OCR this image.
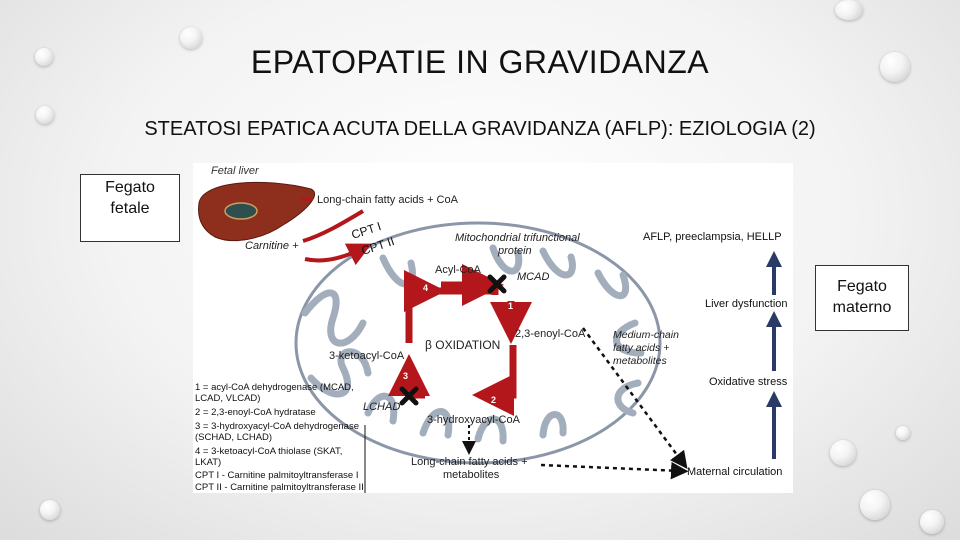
EPATOPATIE IN GRAVIDANZA
STEATOSI EPATICA ACUTA DELLA GRAVIDANZA (AFLP): EZIOLOGIA (2)
Fegato
fetale
Fetal liver
Long-chain fatty acids + CoA
Carnitine +
CPT I
CPT II	Mitochondrial trifunctional
protein
Acyl-CoA
MCAD
2,3-enoyl-CoA
β OXIDATION
3-ketoacyl-CoA
3-hydroxyacyl-CoA
LCHAD
1
2
3
4
Medium-chain
fatty acids +
metabolites
Long-chain fatty acids +
metabolites
1 = acyl-CoA dehydrogenase (MCAD,
LCAD, VLCAD)
2 = 2,3-enoyl-CoA hydratase
3 = 3-hydroxyacyl-CoA dehydrogenase
(SCHAD, LCHAD)
4 = 3-ketoacyl-CoA thiolase (SKAT,
LKAT)
CPT I - Carnitine palmitoyltransferase I
CPT II - Carnitine palmitoyltransferase II
AFLP, preeclampsia, HELLP
Liver dysfunction
Oxidative stress
Maternal circulation
Fegato
materno
